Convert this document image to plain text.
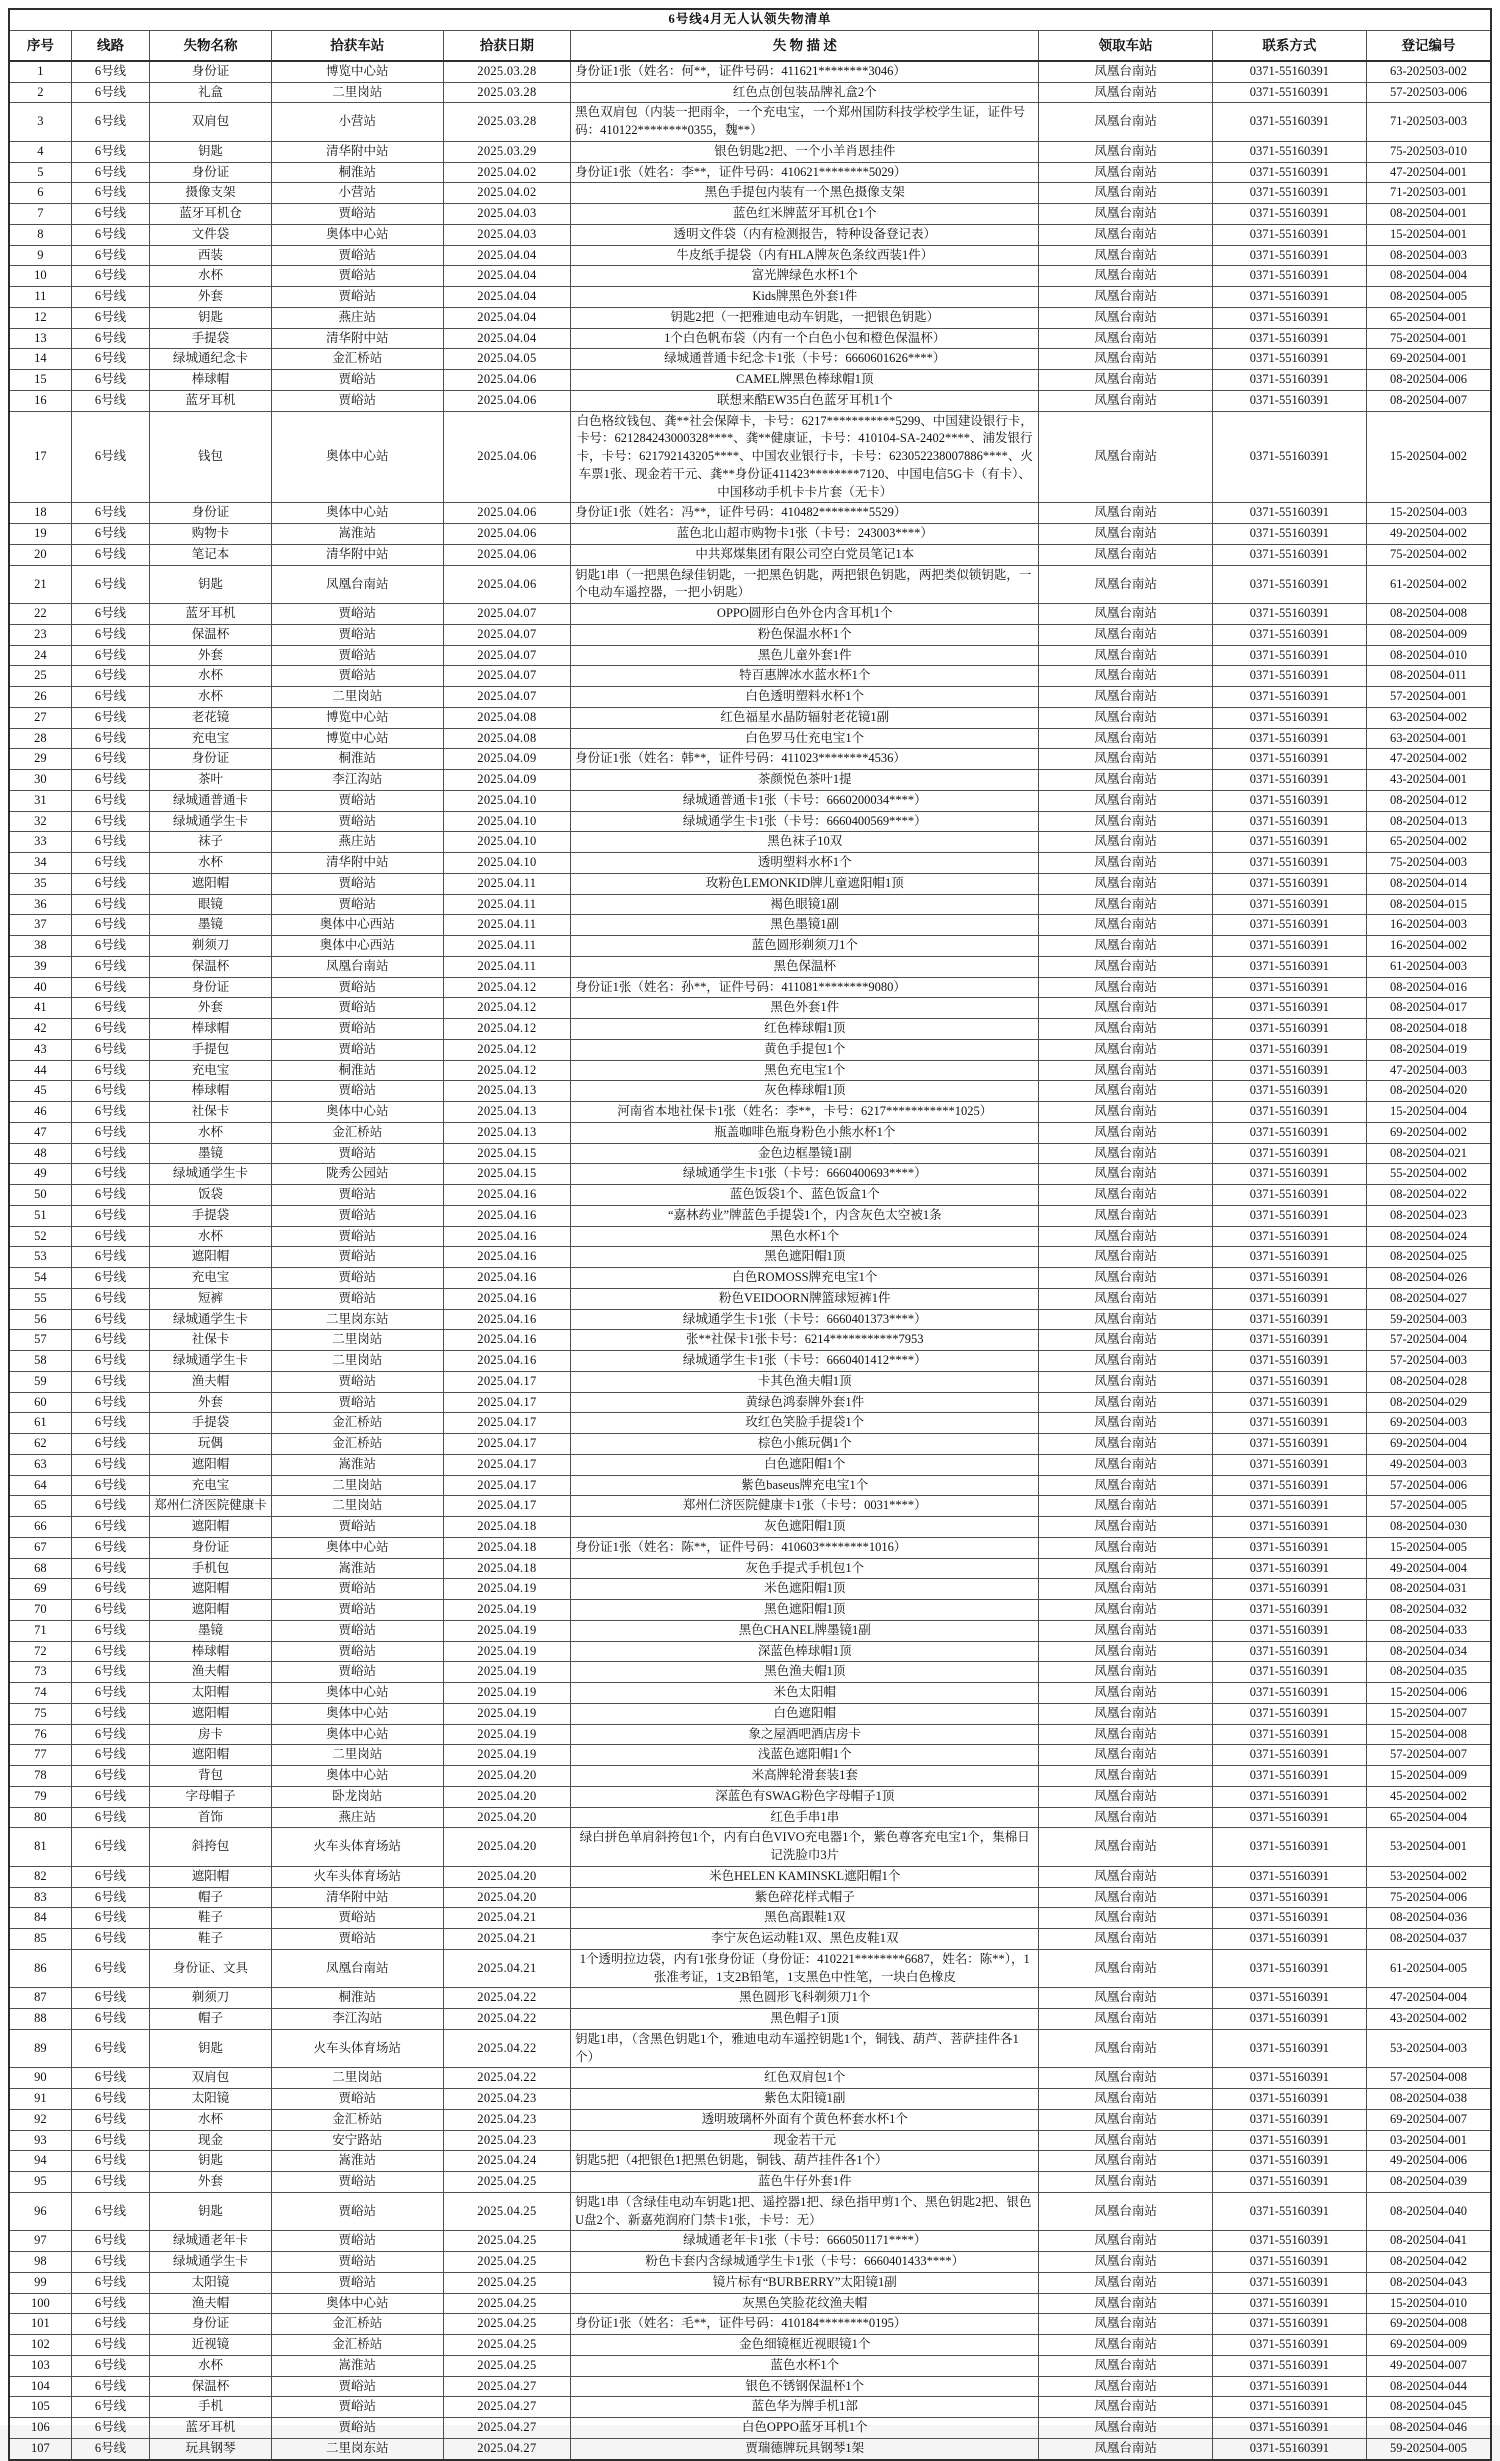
6号线4月无人认领失物清单								
序号	线路	失物名称	拾获车站	拾获日期	失 物 描 述	领取车站	联系方式	登记编号
1	6号线	身份证	博览中心站	2025.03.28	身份证1张（姓名：何**，证件号码：411621********3046）	凤凰台南站	0371-55160391	63-202503-002
2	6号线	礼盒	二里岗站	2025.03.28	红色点创包装品牌礼盒2个	凤凰台南站	0371-55160391	57-202503-006
3	6号线	双肩包	小营站	2025.03.28	黑色双肩包（内装一把雨伞，一个充电宝，一个郑州国防科技学校学生证，证件号码：410122********0355，魏**）	凤凰台南站	0371-55160391	71-202503-003
4	6号线	钥匙	清华附中站	2025.03.29	银色钥匙2把、一个小羊肖恩挂件	凤凰台南站	0371-55160391	75-202503-010
5	6号线	身份证	桐淮站	2025.04.02	身份证1张（姓名：李**，证件号码：410621********5029）	凤凰台南站	0371-55160391	47-202504-001
6	6号线	摄像支架	小营站	2025.04.02	黑色手提包内装有一个黑色摄像支架	凤凰台南站	0371-55160391	71-202503-001
7	6号线	蓝牙耳机仓	贾峪站	2025.04.03	蓝色红米牌蓝牙耳机仓1个	凤凰台南站	0371-55160391	08-202504-001
8	6号线	文件袋	奥体中心站	2025.04.03	透明文件袋（内有检测报告，特种设备登记表）	凤凰台南站	0371-55160391	15-202504-001
9	6号线	西装	贾峪站	2025.04.04	牛皮纸手提袋（内有HLA牌灰色条纹西装1件）	凤凰台南站	0371-55160391	08-202504-003
10	6号线	水杯	贾峪站	2025.04.04	富光牌绿色水杯1个	凤凰台南站	0371-55160391	08-202504-004
11	6号线	外套	贾峪站	2025.04.04	Kids牌黑色外套1件	凤凰台南站	0371-55160391	08-202504-005
12	6号线	钥匙	燕庄站	2025.04.04	钥匙2把（一把雅迪电动车钥匙，一把银色钥匙）	凤凰台南站	0371-55160391	65-202504-001
13	6号线	手提袋	清华附中站	2025.04.04	1个白色帆布袋（内有一个白色小包和橙色保温杯）	凤凰台南站	0371-55160391	75-202504-001
14	6号线	绿城通纪念卡	金汇桥站	2025.04.05	绿城通普通卡纪念卡1张（卡号：6660601626****）	凤凰台南站	0371-55160391	69-202504-001
15	6号线	棒球帽	贾峪站	2025.04.06	CAMEL牌黑色棒球帽1顶	凤凰台南站	0371-55160391	08-202504-006
16	6号线	蓝牙耳机	贾峪站	2025.04.06	联想来酷EW35白色蓝牙耳机1个	凤凰台南站	0371-55160391	08-202504-007
17	6号线	钱包	奥体中心站	2025.04.06	白色格纹钱包、龚**社会保障卡，卡号：6217***********5299、中国建设银行卡，卡号：621284243000328****、龚**健康证，卡号：410104-SA-2402****、浦发银行卡，卡号：621792143205****、中国农业银行卡，卡号：623052238007886****、火车票1张、现金若干元、龚**身份证411423********7120、中国电信5G卡（有卡）、中国移动手机卡卡片套（无卡）	凤凰台南站	0371-55160391	15-202504-002
18	6号线	身份证	奥体中心站	2025.04.06	身份证1张（姓名：冯**，证件号码：410482********5529）	凤凰台南站	0371-55160391	15-202504-003
19	6号线	购物卡	嵩淮站	2025.04.06	蓝色北山超市购物卡1张（卡号：243003****）	凤凰台南站	0371-55160391	49-202504-002
20	6号线	笔记本	清华附中站	2025.04.06	中共郑煤集团有限公司空白党员笔记1本	凤凰台南站	0371-55160391	75-202504-002
21	6号线	钥匙	凤凰台南站	2025.04.06	钥匙1串（一把黑色绿佳钥匙，一把黑色钥匙，两把银色钥匙，两把类似锁钥匙，一个电动车遥控器，一把小钥匙）	凤凰台南站	0371-55160391	61-202504-002
22	6号线	蓝牙耳机	贾峪站	2025.04.07	OPPO圆形白色外仓内含耳机1个	凤凰台南站	0371-55160391	08-202504-008
23	6号线	保温杯	贾峪站	2025.04.07	粉色保温水杯1个	凤凰台南站	0371-55160391	08-202504-009
24	6号线	外套	贾峪站	2025.04.07	黑色儿童外套1件	凤凰台南站	0371-55160391	08-202504-010
25	6号线	水杯	贾峪站	2025.04.07	特百惠牌冰水蓝水杯1个	凤凰台南站	0371-55160391	08-202504-011
26	6号线	水杯	二里岗站	2025.04.07	白色透明塑料水杯1个	凤凰台南站	0371-55160391	57-202504-001
27	6号线	老花镜	博览中心站	2025.04.08	红色福星水晶防辐射老花镜1副	凤凰台南站	0371-55160391	63-202504-002
28	6号线	充电宝	博览中心站	2025.04.08	白色罗马仕充电宝1个	凤凰台南站	0371-55160391	63-202504-001
29	6号线	身份证	桐淮站	2025.04.09	身份证1张（姓名：韩**，证件号码：411023********4536）	凤凰台南站	0371-55160391	47-202504-002
30	6号线	茶叶	李江沟站	2025.04.09	茶颜悦色茶叶1提	凤凰台南站	0371-55160391	43-202504-001
31	6号线	绿城通普通卡	贾峪站	2025.04.10	绿城通普通卡1张（卡号：6660200034****）	凤凰台南站	0371-55160391	08-202504-012
32	6号线	绿城通学生卡	贾峪站	2025.04.10	绿城通学生卡1张（卡号：6660400569****）	凤凰台南站	0371-55160391	08-202504-013
33	6号线	袜子	燕庄站	2025.04.10	黑色袜子10双	凤凰台南站	0371-55160391	65-202504-002
34	6号线	水杯	清华附中站	2025.04.10	透明塑料水杯1个	凤凰台南站	0371-55160391	75-202504-003
35	6号线	遮阳帽	贾峪站	2025.04.11	玫粉色LEMONKID牌儿童遮阳帽1顶	凤凰台南站	0371-55160391	08-202504-014
36	6号线	眼镜	贾峪站	2025.04.11	褐色眼镜1副	凤凰台南站	0371-55160391	08-202504-015
37	6号线	墨镜	奥体中心西站	2025.04.11	黑色墨镜1副	凤凰台南站	0371-55160391	16-202504-003
38	6号线	剃须刀	奥体中心西站	2025.04.11	蓝色圆形剃须刀1个	凤凰台南站	0371-55160391	16-202504-002
39	6号线	保温杯	凤凰台南站	2025.04.11	黑色保温杯	凤凰台南站	0371-55160391	61-202504-003
40	6号线	身份证	贾峪站	2025.04.12	身份证1张（姓名：孙**，证件号码：411081********9080）	凤凰台南站	0371-55160391	08-202504-016
41	6号线	外套	贾峪站	2025.04.12	黑色外套1件	凤凰台南站	0371-55160391	08-202504-017
42	6号线	棒球帽	贾峪站	2025.04.12	红色棒球帽1顶	凤凰台南站	0371-55160391	08-202504-018
43	6号线	手提包	贾峪站	2025.04.12	黄色手提包1个	凤凰台南站	0371-55160391	08-202504-019
44	6号线	充电宝	桐淮站	2025.04.12	黑色充电宝1个	凤凰台南站	0371-55160391	47-202504-003
45	6号线	棒球帽	贾峪站	2025.04.13	灰色棒球帽1顶	凤凰台南站	0371-55160391	08-202504-020
46	6号线	社保卡	奥体中心站	2025.04.13	河南省本地社保卡1张（姓名：李**，卡号：6217***********1025）	凤凰台南站	0371-55160391	15-202504-004
47	6号线	水杯	金汇桥站	2025.04.13	瓶盖咖啡色瓶身粉色小熊水杯1个	凤凰台南站	0371-55160391	69-202504-002
48	6号线	墨镜	贾峪站	2025.04.15	金色边框墨镜1副	凤凰台南站	0371-55160391	08-202504-021
49	6号线	绿城通学生卡	陇秀公园站	2025.04.15	绿城通学生卡1张（卡号：6660400693****）	凤凰台南站	0371-55160391	55-202504-002
50	6号线	饭袋	贾峪站	2025.04.16	蓝色饭袋1个、蓝色饭盒1个	凤凰台南站	0371-55160391	08-202504-022
51	6号线	手提袋	贾峪站	2025.04.16	“嘉林药业”牌蓝色手提袋1个，内含灰色太空被1条	凤凰台南站	0371-55160391	08-202504-023
52	6号线	水杯	贾峪站	2025.04.16	黑色水杯1个	凤凰台南站	0371-55160391	08-202504-024
53	6号线	遮阳帽	贾峪站	2025.04.16	黑色遮阳帽1顶	凤凰台南站	0371-55160391	08-202504-025
54	6号线	充电宝	贾峪站	2025.04.16	白色ROMOSS牌充电宝1个	凤凰台南站	0371-55160391	08-202504-026
55	6号线	短裤	贾峪站	2025.04.16	粉色VEIDOORN牌篮球短裤1件	凤凰台南站	0371-55160391	08-202504-027
56	6号线	绿城通学生卡	二里岗东站	2025.04.16	绿城通学生卡1张（卡号：6660401373****）	凤凰台南站	0371-55160391	59-202504-003
57	6号线	社保卡	二里岗站	2025.04.16	张**社保卡1张卡号：6214***********7953	凤凰台南站	0371-55160391	57-202504-004
58	6号线	绿城通学生卡	二里岗站	2025.04.16	绿城通学生卡1张（卡号：6660401412****）	凤凰台南站	0371-55160391	57-202504-003
59	6号线	渔夫帽	贾峪站	2025.04.17	卡其色渔夫帽1顶	凤凰台南站	0371-55160391	08-202504-028
60	6号线	外套	贾峪站	2025.04.17	黄绿色鸿泰牌外套1件	凤凰台南站	0371-55160391	08-202504-029
61	6号线	手提袋	金汇桥站	2025.04.17	玫红色笑脸手提袋1个	凤凰台南站	0371-55160391	69-202504-003
62	6号线	玩偶	金汇桥站	2025.04.17	棕色小熊玩偶1个	凤凰台南站	0371-55160391	69-202504-004
63	6号线	遮阳帽	嵩淮站	2025.04.17	白色遮阳帽1个	凤凰台南站	0371-55160391	49-202504-003
64	6号线	充电宝	二里岗站	2025.04.17	紫色baseus牌充电宝1个	凤凰台南站	0371-55160391	57-202504-006
65	6号线	郑州仁济医院健康卡	二里岗站	2025.04.17	郑州仁济医院健康卡1张（卡号：0031****）	凤凰台南站	0371-55160391	57-202504-005
66	6号线	遮阳帽	贾峪站	2025.04.18	灰色遮阳帽1顶	凤凰台南站	0371-55160391	08-202504-030
67	6号线	身份证	奥体中心站	2025.04.18	身份证1张（姓名：陈**，证件号码：410603********1016）	凤凰台南站	0371-55160391	15-202504-005
68	6号线	手机包	嵩淮站	2025.04.18	灰色手提式手机包1个	凤凰台南站	0371-55160391	49-202504-004
69	6号线	遮阳帽	贾峪站	2025.04.19	米色遮阳帽1顶	凤凰台南站	0371-55160391	08-202504-031
70	6号线	遮阳帽	贾峪站	2025.04.19	黑色遮阳帽1顶	凤凰台南站	0371-55160391	08-202504-032
71	6号线	墨镜	贾峪站	2025.04.19	黑色CHANEL牌墨镜1副	凤凰台南站	0371-55160391	08-202504-033
72	6号线	棒球帽	贾峪站	2025.04.19	深蓝色棒球帽1顶	凤凰台南站	0371-55160391	08-202504-034
73	6号线	渔夫帽	贾峪站	2025.04.19	黑色渔夫帽1顶	凤凰台南站	0371-55160391	08-202504-035
74	6号线	太阳帽	奥体中心站	2025.04.19	米色太阳帽	凤凰台南站	0371-55160391	15-202504-006
75	6号线	遮阳帽	奥体中心站	2025.04.19	白色遮阳帽	凤凰台南站	0371-55160391	15-202504-007
76	6号线	房卡	奥体中心站	2025.04.19	象之屋酒吧酒店房卡	凤凰台南站	0371-55160391	15-202504-008
77	6号线	遮阳帽	二里岗站	2025.04.19	浅蓝色遮阳帽1个	凤凰台南站	0371-55160391	57-202504-007
78	6号线	背包	奥体中心站	2025.04.20	米高牌轮滑套装1套	凤凰台南站	0371-55160391	15-202504-009
79	6号线	字母帽子	卧龙岗站	2025.04.20	深蓝色有SWAG粉色字母帽子1顶	凤凰台南站	0371-55160391	45-202504-002
80	6号线	首饰	燕庄站	2025.04.20	红色手串1串	凤凰台南站	0371-55160391	65-202504-004
81	6号线	斜挎包	火车头体育场站	2025.04.20	绿白拼色单肩斜挎包1个，内有白色VIVO充电器1个，紫色尊客充电宝1个，集棉日记洗脸巾3片	凤凰台南站	0371-55160391	53-202504-001
82	6号线	遮阳帽	火车头体育场站	2025.04.20	米色HELEN KAMINSKL遮阳帽1个	凤凰台南站	0371-55160391	53-202504-002
83	6号线	帽子	清华附中站	2025.04.20	紫色碎花样式帽子	凤凰台南站	0371-55160391	75-202504-006
84	6号线	鞋子	贾峪站	2025.04.21	黑色高跟鞋1双	凤凰台南站	0371-55160391	08-202504-036
85	6号线	鞋子	贾峪站	2025.04.21	李宁灰色运动鞋1双、黑色皮鞋1双	凤凰台南站	0371-55160391	08-202504-037
86	6号线	身份证、文具	凤凰台南站	2025.04.21	1个透明拉边袋，内有1张身份证（身份证：410221********6687，姓名：陈**），1张准考证，1支2B铅笔，1支黑色中性笔，一块白色橡皮	凤凰台南站	0371-55160391	61-202504-005
87	6号线	剃须刀	桐淮站	2025.04.22	黑色圆形飞科剃须刀1个	凤凰台南站	0371-55160391	47-202504-004
88	6号线	帽子	李江沟站	2025.04.22	黑色帽子1顶	凤凰台南站	0371-55160391	43-202504-002
89	6号线	钥匙	火车头体育场站	2025.04.22	钥匙1串，（含黑色钥匙1个，雅迪电动车遥控钥匙1个，铜钱、葫芦、菩萨挂件各1个）	凤凰台南站	0371-55160391	53-202504-003
90	6号线	双肩包	二里岗站	2025.04.22	红色双肩包1个	凤凰台南站	0371-55160391	57-202504-008
91	6号线	太阳镜	贾峪站	2025.04.23	紫色太阳镜1副	凤凰台南站	0371-55160391	08-202504-038
92	6号线	水杯	金汇桥站	2025.04.23	透明玻璃杯外面有个黄色杯套水杯1个	凤凰台南站	0371-55160391	69-202504-007
93	6号线	现金	安宁路站	2025.04.23	现金若干元	凤凰台南站	0371-55160391	03-202504-001
94	6号线	钥匙	嵩淮站	2025.04.24	钥匙5把（4把银色1把黑色钥匙，铜钱、葫芦挂件各1个）	凤凰台南站	0371-55160391	49-202504-006
95	6号线	外套	贾峪站	2025.04.25	蓝色牛仔外套1件	凤凰台南站	0371-55160391	08-202504-039
96	6号线	钥匙	贾峪站	2025.04.25	钥匙1串（含绿佳电动车钥匙1把、遥控器1把、绿色指甲剪1个、黑色钥匙2把、银色U盘2个、新嘉苑润府门禁卡1张，卡号：无）	凤凰台南站	0371-55160391	08-202504-040
97	6号线	绿城通老年卡	贾峪站	2025.04.25	绿城通老年卡1张（卡号：6660501171****）	凤凰台南站	0371-55160391	08-202504-041
98	6号线	绿城通学生卡	贾峪站	2025.04.25	粉色卡套内含绿城通学生卡1张（卡号：6660401433****）	凤凰台南站	0371-55160391	08-202504-042
99	6号线	太阳镜	贾峪站	2025.04.25	镜片标有“BURBERRY”太阳镜1副	凤凰台南站	0371-55160391	08-202504-043
100	6号线	渔夫帽	奥体中心站	2025.04.25	灰黑色笑脸花纹渔夫帽	凤凰台南站	0371-55160391	15-202504-010
101	6号线	身份证	金汇桥站	2025.04.25	身份证1张（姓名：毛**，证件号码：410184********0195）	凤凰台南站	0371-55160391	69-202504-008
102	6号线	近视镜	金汇桥站	2025.04.25	金色细镜框近视眼镜1个	凤凰台南站	0371-55160391	69-202504-009
103	6号线	水杯	嵩淮站	2025.04.25	蓝色水杯1个	凤凰台南站	0371-55160391	49-202504-007
104	6号线	保温杯	贾峪站	2025.04.27	银色不锈钢保温杯1个	凤凰台南站	0371-55160391	08-202504-044
105	6号线	手机	贾峪站	2025.04.27	蓝色华为牌手机1部	凤凰台南站	0371-55160391	08-202504-045
106	6号线	蓝牙耳机	贾峪站	2025.04.27	白色OPPO蓝牙耳机1个	凤凰台南站	0371-55160391	08-202504-046
107	6号线	玩具钢琴	二里岗东站	2025.04.27	贾瑞德牌玩具钢琴1架	凤凰台南站	0371-55160391	59-202504-005
